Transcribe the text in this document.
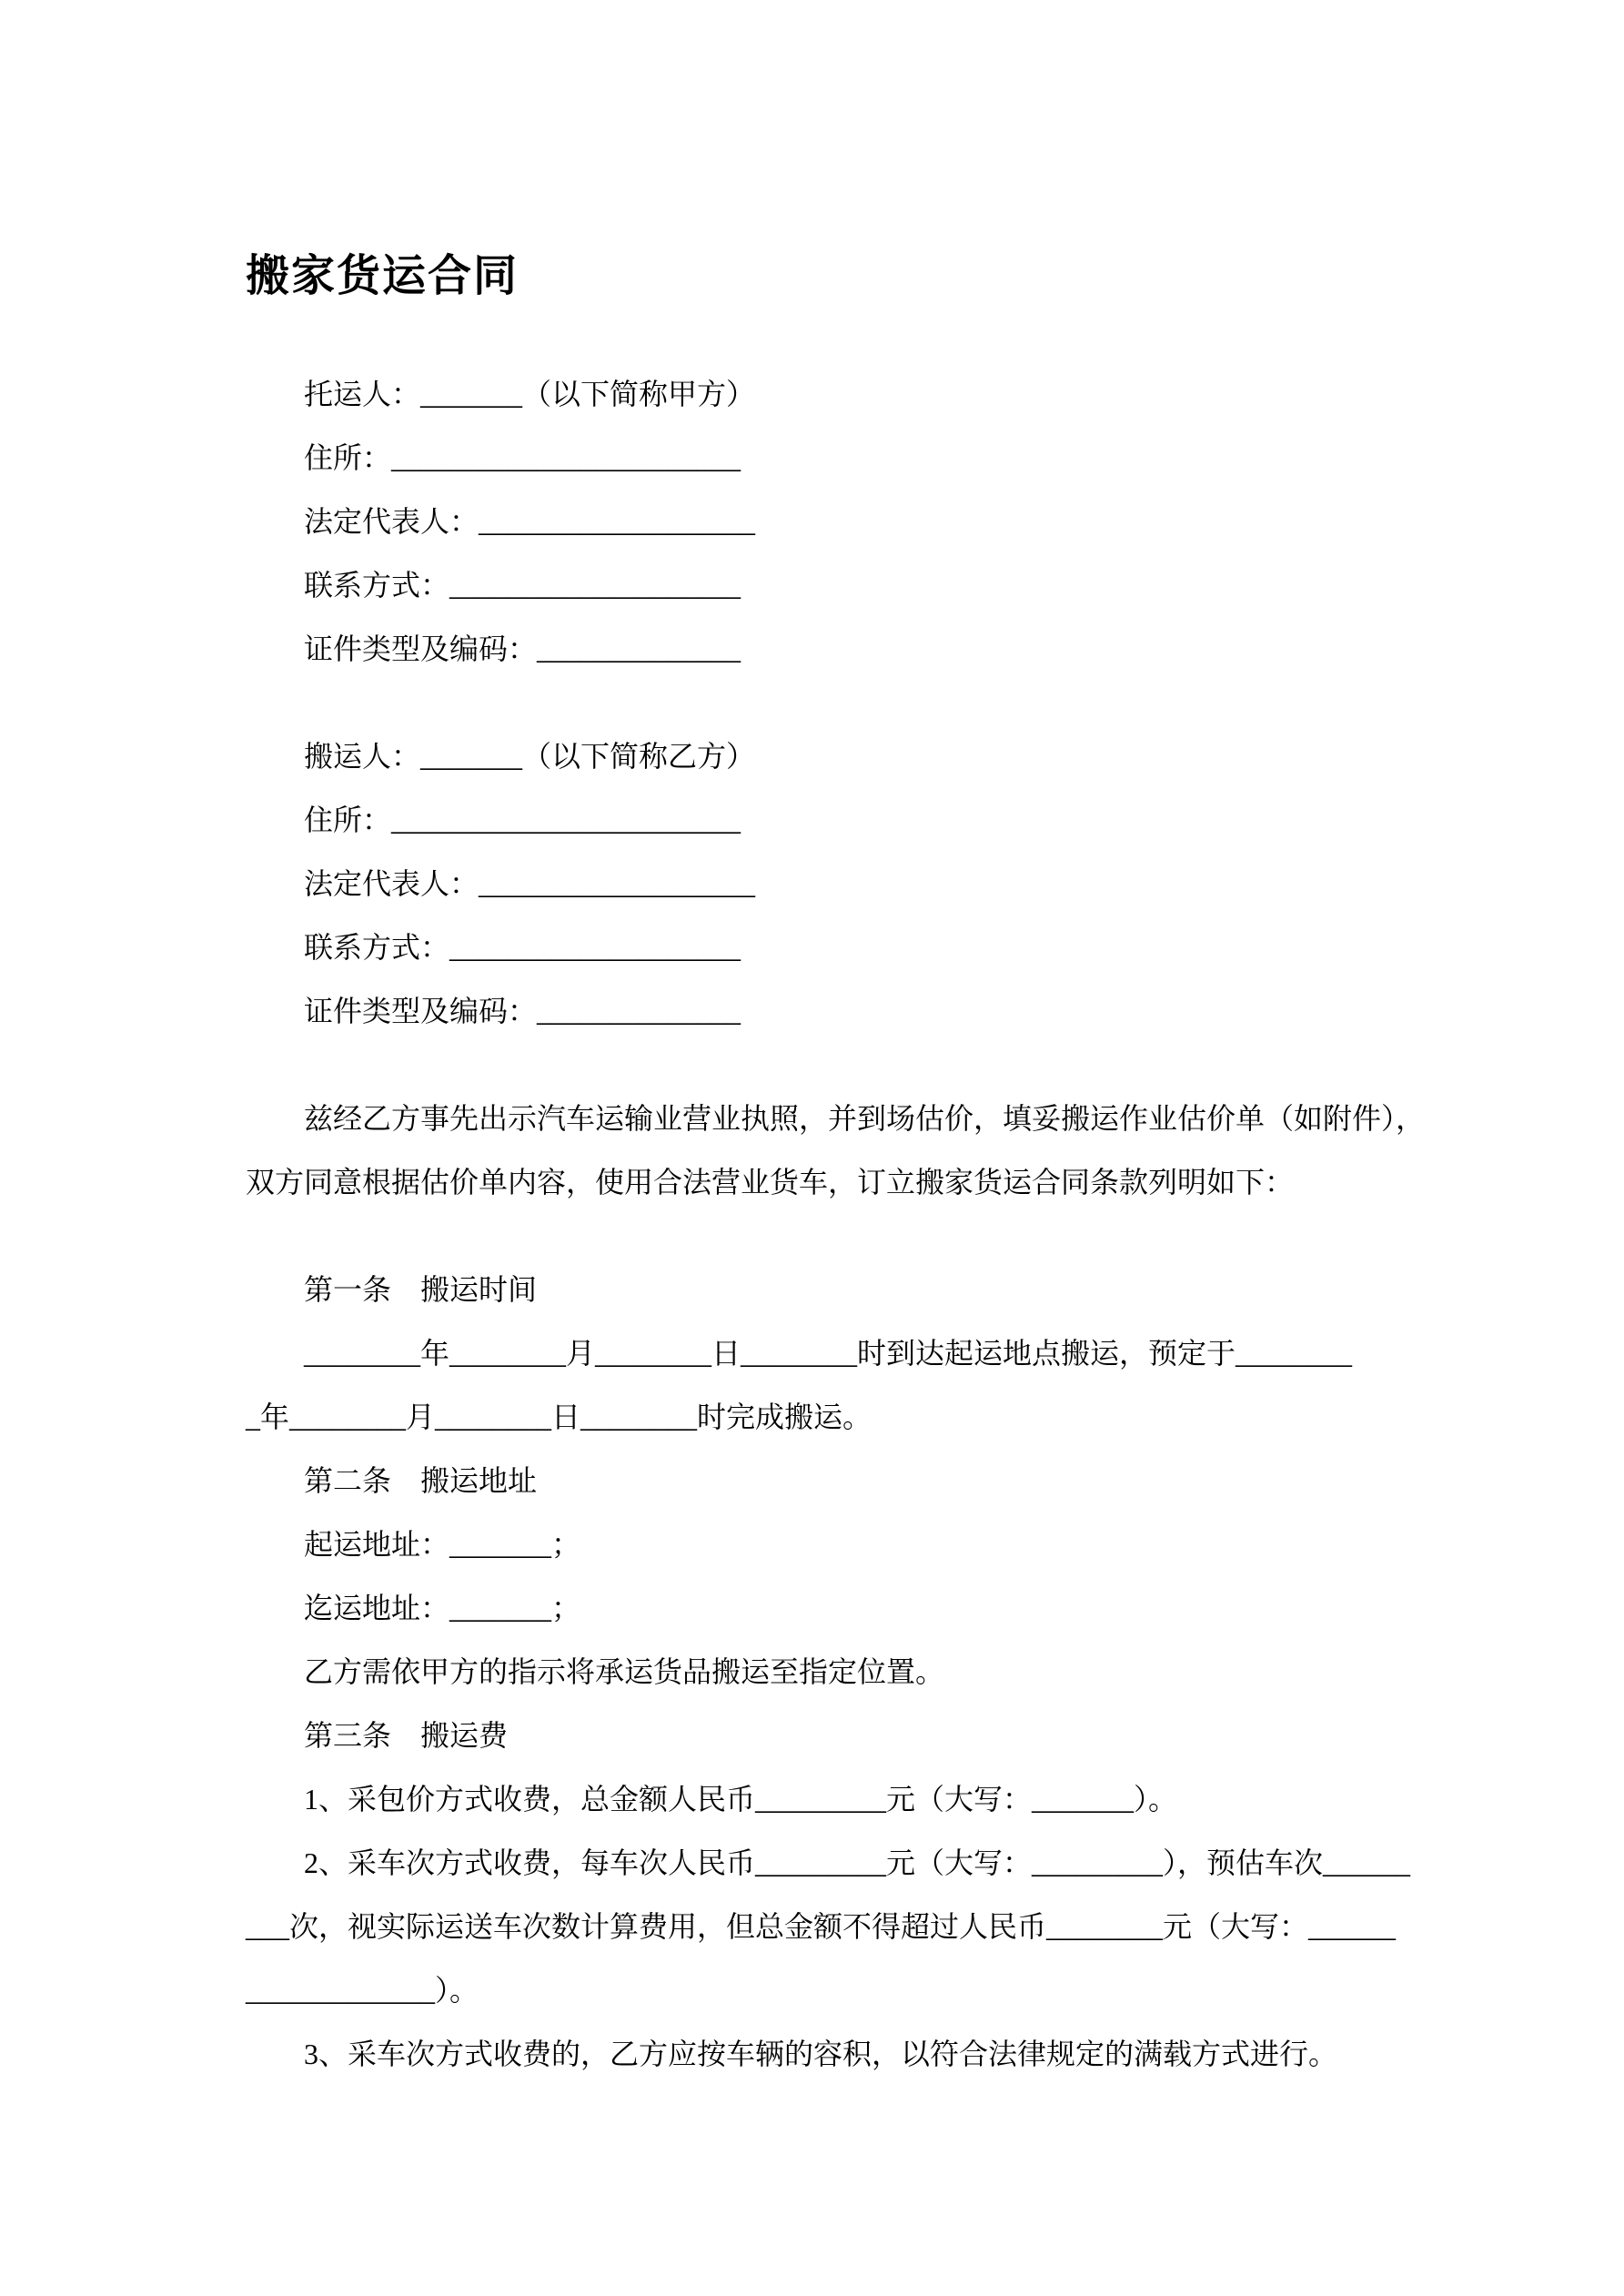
搬家货运合同

托运人：_______（以下简称甲方）

住所：________________________

法定代表人：___________________

联系方式：____________________

证件类型及编码：______________

搬运人：_______（以下简称乙方）

住所：________________________

法定代表人：___________________

联系方式：____________________

证件类型及编码：______________

兹经乙方事先出示汽车运输业营业执照，并到场估价，填妥搬运作业估价单（如附件），

双方同意根据估价单内容，使用合法营业货车，订立搬家货运合同条款列明如下：

第一条　搬运时间

________年________月________日________时到达起运地点搬运，预定于________

_年________月________日________时完成搬运。

第二条　搬运地址

起运地址：_______；

迄运地址：_______；

乙方需依甲方的指示将承运货品搬运至指定位置。

第三条　搬运费

1、采包价方式收费，总金额人民币_________元（大写：_______）。

2、采车次方式收费，每车次人民币_________元（大写：_________），预估车次______

___次，视实际运送车次数计算费用，但总金额不得超过人民币________元（大写：______

_____________）。

3、采车次方式收费的，乙方应按车辆的容积，以符合法律规定的满载方式进行。
